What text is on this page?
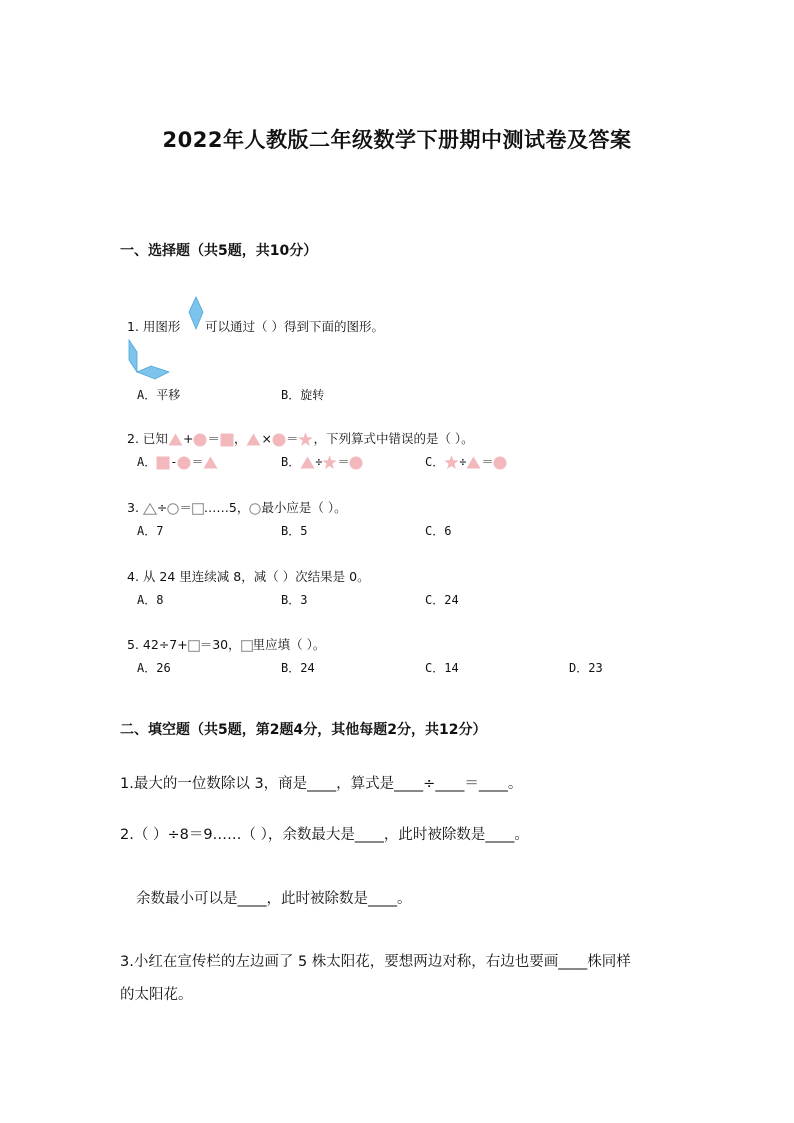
2022年人教版二年级数学下册期中测试卷及答案
一、选择题（共5题，共10分）
1. 用图形 可以通过（ ）得到下面的图形。
A．平移	B．旋转
2. 已知 + ＝ ， × ＝ ，下列算式中错误的是（ ）。
A． - ＝	B． ÷ ＝	C． ÷ ＝
3. ÷ ＝ ……5， 最小应是（ ）。
A．7	B．5	C．6
4. 从 24 里连续减 8，减（ ）次结果是 0。
A．8	B．3	C．24
5. 42÷7+ ＝30， 里应填（ ）。
A．26	B．24	C．14	D．23
二、填空题（共5题，第2题4分，其他每题2分，共12分）
1.最大的一位数除以 3，商是____，算式是____÷____＝____。
2.（ ）÷8＝9……（ ），余数最大是____，此时被除数是____。
余数最小可以是____，此时被除数是____。
3.小红在宣传栏的左边画了 5 株太阳花，要想两边对称，右边也要画____株同样
的太阳花。
